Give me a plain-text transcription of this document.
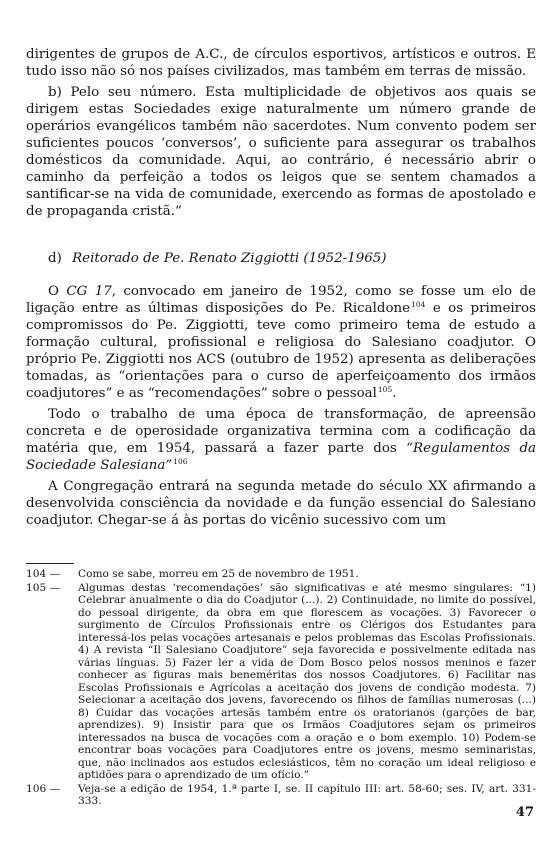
dirigentes de grupos de A.C., de círculos esportivos, artísticos e outros. E tudo isso não só nos países civilizados, mas também em terras de missão.

b) Pelo seu número. Esta multiplicidade de objetivos aos quais se dirigem estas Sociedades exige naturalmente um número grande de operários evangélicos também não sacerdotes. Num convento podem ser suficientes poucos ‘conversos’, o suficiente para assegurar os trabalhos domésticos da comunidade. Aqui, ao contrário, é necessário abrir o caminho da perfeição a todos os leigos que se sentem chamados a santificar-se na vida de comunidade, exercendo as formas de apostolado e de propaganda cristã.”

d) Reitorado de Pe. Renato Ziggiotti (1952-1965)

O CG 17, convocado em janeiro de 1952, como se fosse um elo de ligação entre as últimas disposições do Pe. Ricaldone$^{104}$ e os primeiros compromissos do Pe. Ziggiotti, teve como primeiro tema de estudo a formação cultural, profissional e religiosa do Salesiano coadjutor. O próprio Pe. Ziggiotti nos ACS (outubro de 1952) apresenta as deliberações tomadas, as “orientações para o curso de aperfeiçoamento dos irmãos coadjutores” e as “recomendações” sobre o pessoal$^{105}$.

Todo o trabalho de uma época de transformação, de apreensão concreta e de operosidade organizativa termina com a codificação da matéria que, em 1954, passará a fazer parte dos “Regulamentos da Sociedade Salesiana”$^{106}$

A Congregação entrará na segunda metade do século XX afirmando a desenvolvida consciência da novidade e da função essencial do Salesiano coadjutor. Chegar-se á às portas do vicênio sucessivo com um

104 —	Como se sabe, morreu em 25 de novembro de 1951.
105 —	Algumas destas ‘recomendações’ são significativas e até mesmo singulares: “1) Celebrar anualmente o dia do Coadjutor (...). 2) Continuidade, no limite do possível, do pessoal dirigente, da obra em que florescem as vocações. 3) Favorecer o surgimento de Círculos Profissionais entre os Clérigos dos Estudantes para interessá-los pelas vocações artesanais e pelos problemas das Escolas Profissionais. 4) A revista “Il Salesiano Coadjutore” seja favorecida e possivelmente editada nas várias línguas. 5) Fazer ler a vida de Dom Bosco pelos nossos meninos e fazer conhecer as figuras mais beneméritas dos nossos Coadjutores. 6) Facilitar nas Escolas Profissionais e Agrícolas a aceitação dos jovens de condição modesta. 7) Selecionar a aceitação dos jovens, favorecendo os filhos de famílias numerosas (...) 8) Cuidar das vocações artesãs também entre os oratorianos (garções de bar, aprendizes). 9) Insistir para que os Irmãos Coadjutores sejam os primeiros interessados na busca de vocações com a oração e o bom exemplo. 10) Podem-se encontrar boas vocações para Coadjutores entre os jovens, mesmo seminaristas, que, não inclinados aos estudos eclesiásticos, têm no coração um ideal religioso e aptidões para o aprendizado de um ofício.”
106 —	Veja-se a edição de 1954, 1.ª parte I, se. II capítulo III: art. 58-60; ses. IV, art. 331-333.
47
